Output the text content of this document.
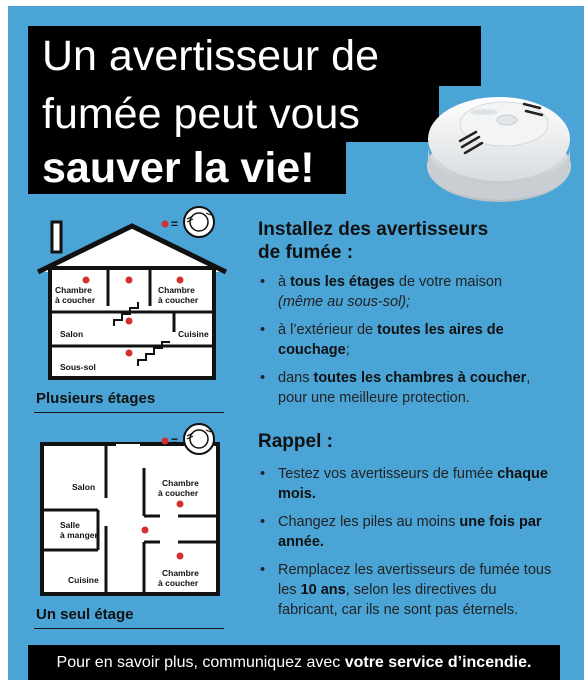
Un avertisseur de
fumée peut vous
sauver la vie!
Chambre
à coucher
Chambre
à coucher
Salon	Cuisine
Sous-sol
=
Plusieurs étages
Salon
Salle
à manger
Cuisine
Chambre
à coucher
Chambre
à coucher
=
Un seul étage
Installez des avertisseurs
de fumée :
• à tous les étages de votre maison
(même au sous-sol);
• à l’extérieur de toutes les aires de couchage;
• dans toutes les chambres à coucher, pour une meilleure protection.
Rappel :
• Testez vos avertisseurs de fumée chaque mois.
• Changez les piles au moins une fois par année.
• Remplacez les avertisseurs de fumée tous les 10 ans, selon les directives du fabricant, car ils ne sont pas éternels.
Pour en savoir plus, communiquez avec votre service d’incendie.
